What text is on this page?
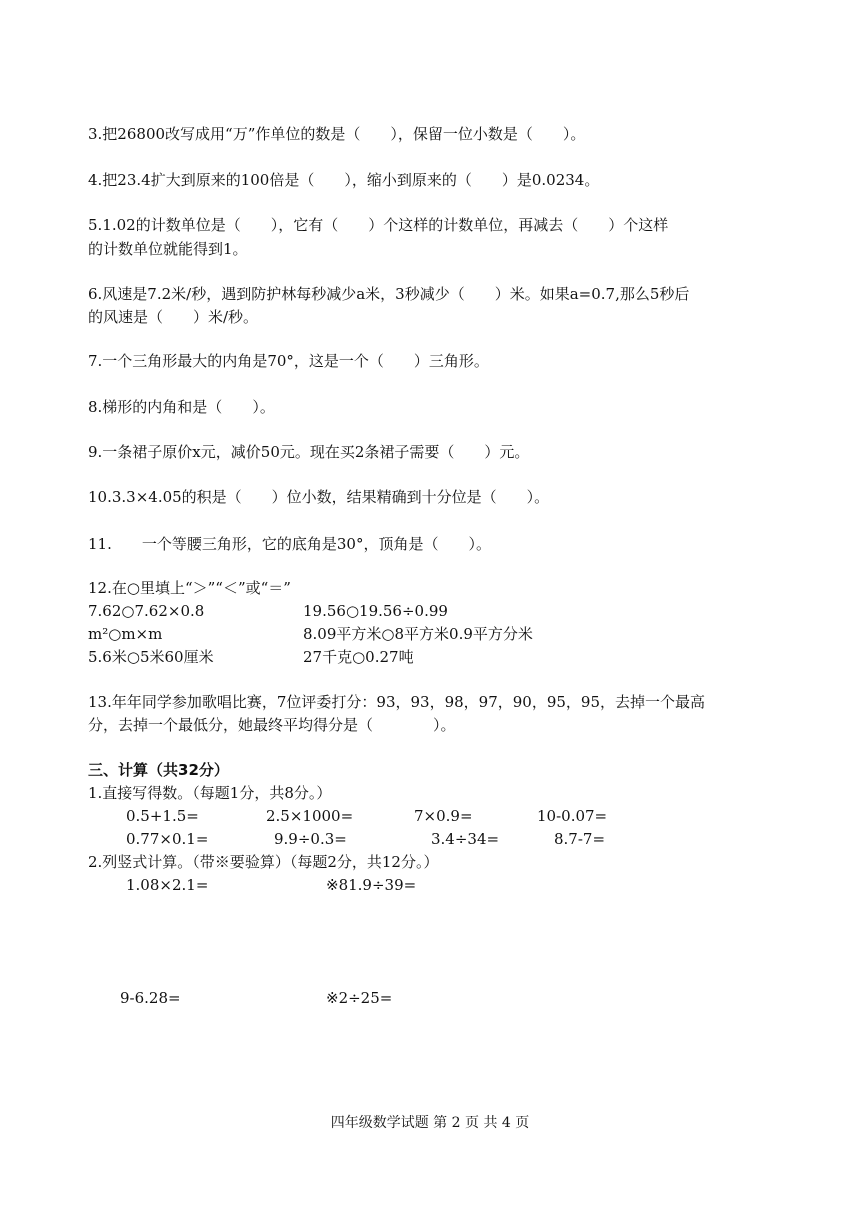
3.把26800改写成用“万”作单位的数是（　　），保留一位小数是（　　）。
4.把23.4扩大到原来的100倍是（　　），缩小到原来的（　　）是0.0234。
5.1.02的计数单位是（　　），它有（　　）个这样的计数单位，再减去（　　）个这样
的计数单位就能得到1。
6.风速是7.2米/秒，遇到防护林每秒减少a米，3秒减少（　　）米。如果a=0.7,那么5秒后
的风速是（　　）米/秒。
7.一个三角形最大的内角是70°，这是一个（　　）三角形。
8.梯形的内角和是（　　）。
9.一条裙子原价x元，减价50元。现在买2条裙子需要（　　）元。
10.3.3×4.05的积是（　　）位小数，结果精确到十分位是（　　）。
11.　　一个等腰三角形，它的底角是30°，顶角是（　　）。
12.在○里填上“＞”“＜”或“＝”
7.62○7.62×0.8	19.56○19.56÷0.99
m²○m×m	8.09平方米○8平方米0.9平方分米
5.6米○5米60厘米	27千克○0.27吨
13.年年同学参加歌唱比赛，7位评委打分：93，93，98，97，90，95，95，去掉一个最高
分，去掉一个最低分，她最终平均得分是（　　　　）。
三、计算（共32分）
1.直接写得数。（每题1分，共8分。）
0.5+1.5=	2.5×1000=	7×0.9=	10-0.07=
0.77×0.1=	9.9÷0.3=	3.4÷34=	8.7-7=
2.列竖式计算。（带※要验算）（每题2分，共12分。）
1.08×2.1=	※81.9÷39=
9-6.28=	※2÷25=
四年级数学试题 第 2 页 共 4 页
